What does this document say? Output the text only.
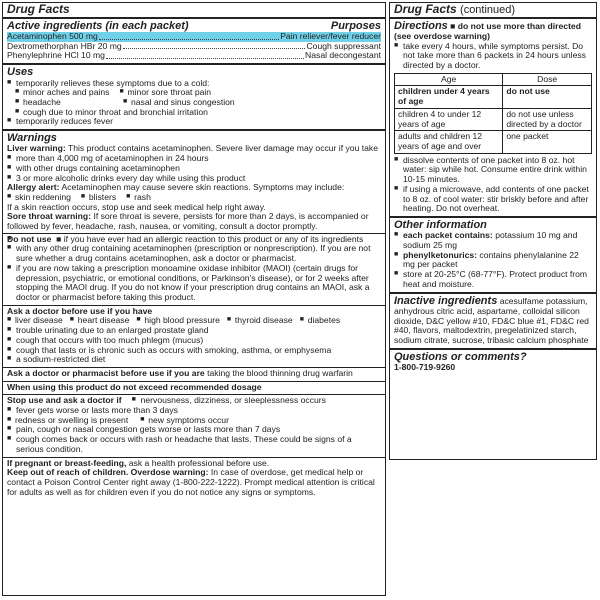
Drug Facts
Active ingredients (in each packet)	Purposes
Acetaminophen 500 mg	Pain reliever/fever reducer
Dextromethorphan HBr 20 mg	Cough suppressant
Phenylephrine HCl 10 mg	Nasal decongestant
Uses
■ temporarily relieves these symptoms due to a cold:
■ minor aches and pains	■ minor sore throat pain
■ headache	■ nasal and sinus congestion
■ cough due to minor throat and bronchial irritation
■ temporarily reduces fever
Warnings
Liver warning: This product contains acetaminophen. Severe liver damage may occur if you take
■ more than 4,000 mg of acetaminophen in 24 hours
■ with other drugs containing acetaminophen
■ 3 or more alcoholic drinks every day while using this product
Allergy alert: Acetaminophen may cause severe skin reactions. Symptoms may include:
■ skin reddening	■ blisters	■ rash
If a skin reaction occurs, stop use and seek medical help right away.
Sore throat warning: If sore throat is severe, persists for more than 2 days, is accompanied or followed by fever, headache, rash, nausea, or vomiting, consult a doctor promptly.
■ Do not use  ■ if you have ever had an allergic reaction to this product or any of its ingredients
■ with any other drug containing acetaminophen (prescription or nonprescription). If you are not sure whether a drug contains acetaminophen, ask a doctor or pharmacist.
■ if you are now taking a prescription monoamine oxidase inhibitor (MAOI) (certain drugs for depression, psychiatric, or emotional conditions, or Parkinson's disease), or for 2 weeks after stopping the MAOI drug. If you do not know if your prescription drug contains an MAOI, ask a doctor or pharmacist before taking this product.
Ask a doctor before use if you have
■ liver disease	■ heart disease	■ high blood pressure	■ thyroid disease	■ diabetes
■ trouble urinating due to an enlarged prostate gland
■ cough that occurs with too much phlegm (mucus)
■ cough that lasts or is chronic such as occurs with smoking, asthma, or emphysema
■ a sodium-restricted diet
Ask a doctor or pharmacist before use if you are taking the blood thinning drug warfarin
When using this product do not exceed recommended dosage
Stop use and ask a doctor if	■ nervousness, dizziness, or sleeplessness occurs
■ fever gets worse or lasts more than 3 days
■ redness or swelling is present	■ new symptoms occur
■ pain, cough or nasal congestion gets worse or lasts more than 7 days
■ cough comes back or occurs with rash or headache that lasts. These could be signs of a serious condition.
If pregnant or breast-feeding, ask a health professional before use.
Keep out of reach of children. Overdose warning: In case of overdose, get medical help or contact a Poison Control Center right away (1-800-222-1222). Prompt medical attention is critical for adults as well as for children even if you do not notice any signs or symptoms.
Drug Facts (continued)
Directions ■ do not use more than directed (see overdose warning)
■ take every 4 hours, while symptoms persist. Do not take more than 6 packets in 24 hours unless directed by a doctor.
Age	Dose
children under 4 years of age	do not use
children 4 to under 12 years of age	do not use unless directed by a doctor
adults and children 12 years of age and over	one packet
■ dissolve contents of one packet into 8 oz. hot water: sip while hot. Consume entire drink within 10-15 minutes.
■ if using a microwave, add contents of one packet to 8 oz. of cool water: stir briskly before and after heating. Do not overheat.
Other information
■ each packet contains: potassium 10 mg and sodium 25 mg
■ phenylketonurics: contains phenylalanine 22 mg per packet
■ store at 20-25°C (68-77°F). Protect product from heat and moisture.
Inactive ingredients acesulfame potassium, anhydrous citric acid, aspartame, colloidal silicon dioxide, D&C yellow #10, FD&C blue #1, FD&C red #40, flavors, maltodextrin, pregelatinized starch, sodium citrate, sucrose, tribasic calcium phosphate
Questions or comments?
1-800-719-9260
